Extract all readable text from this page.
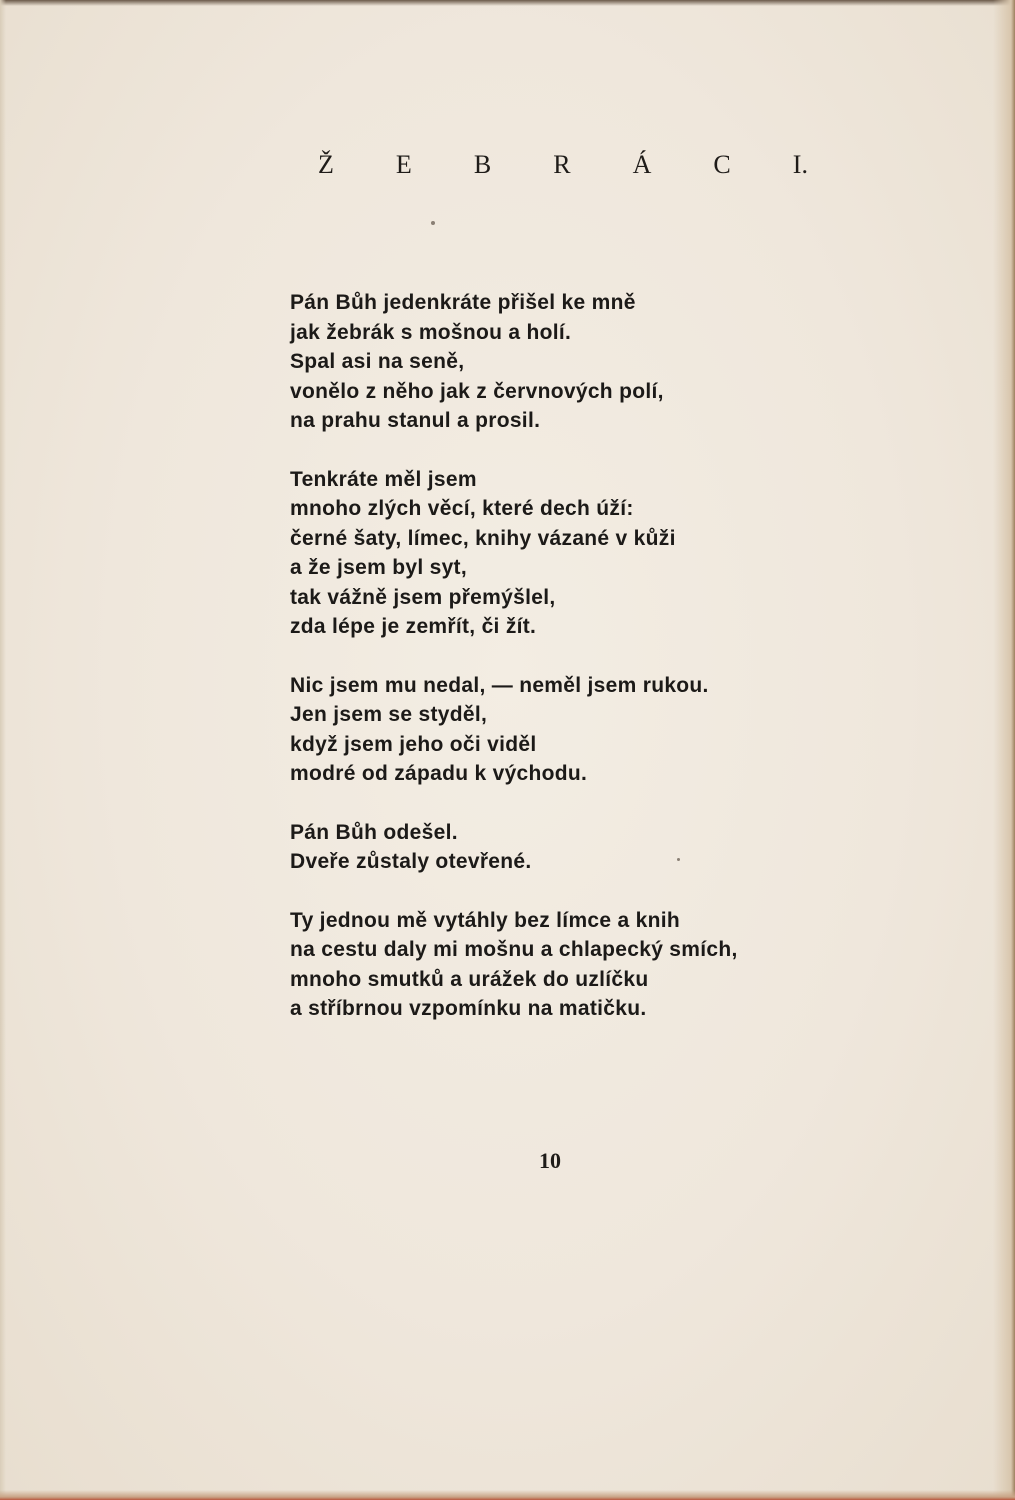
Ž E B R Á C I.
Pán Bůh jedenkráte přišel ke mně
jak žebrák s mošnou a holí.
Spal asi na seně,
vonělo z něho jak z červnových polí,
na prahu stanul a prosil.
Tenkráte měl jsem
mnoho zlých věcí, které dech úží:
černé šaty, límec, knihy vázané v kůži
a že jsem byl syt,
tak vážně jsem přemýšlel,
zda lépe je zemřít, či žít.
Nic jsem mu nedal, — neměl jsem rukou.
Jen jsem se styděl,
když jsem jeho oči viděl
modré od západu k východu.
Pán Bůh odešel.
Dveře zůstaly otevřené.
Ty jednou mě vytáhly bez límce a knih
na cestu daly mi mošnu a chlapecký smích,
mnoho smutků a urážek do uzlíčku
a stříbrnou vzpomínku na matičku.
10
